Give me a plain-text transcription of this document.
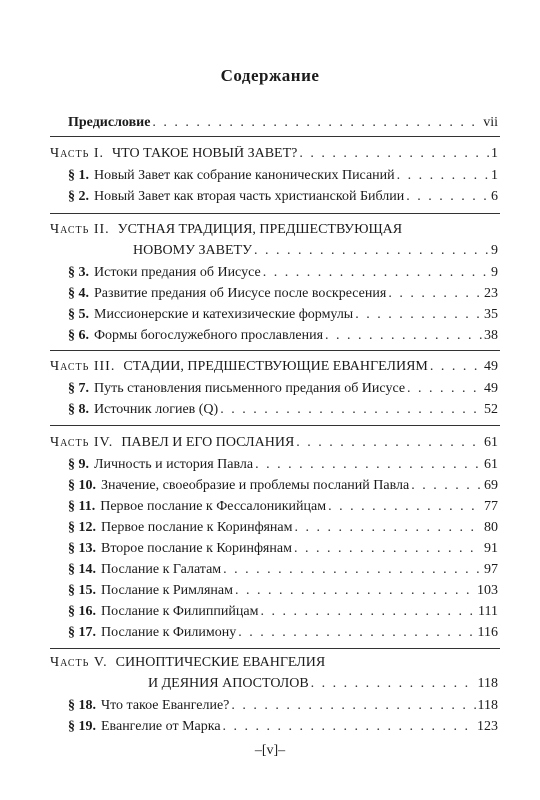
Содержание
Предисловие . . .	vii
Часть I. ЧТО ТАКОЕ НОВЫЙ ЗАВЕТ? . . .	1
§ 1. Новый Завет как собрание канонических Писаний . . .	1
§ 2. Новый Завет как вторая часть христианской Библии . . .	6
Часть II. УСТНАЯ ТРАДИЦИЯ, ПРЕДШЕСТВУЮЩАЯ
НОВОМУ ЗАВЕТУ . . .	9
§ 3. Истоки предания об Иисусе . . .	9
§ 4. Развитие предания об Иисусе после воскресения . . .	23
§ 5. Миссионерские и катехизические формулы . . .	35
§ 6. Формы богослужебного прославления . . .	38
Часть III. СТАДИИ, ПРЕДШЕСТВУЮЩИЕ ЕВАНГЕЛИЯМ . . .	49
§ 7. Путь становления письменного предания об Иисусе . . .	49
§ 8. Источник логиев (Q) . . .	52
Часть IV. ПАВЕЛ И ЕГО ПОСЛАНИЯ . . .	61
§ 9. Личность и история Павла . . .	61
§ 10. Значение, своеобразие и проблемы посланий Павла . . .	69
§ 11. Первое послание к Фессалоникийцам . . .	77
§ 12. Первое послание к Коринфянам . . .	80
§ 13. Второе послание к Коринфянам . . .	91
§ 14. Послание к Галатам . . .	97
§ 15. Послание к Римлянам . . .	103
§ 16. Послание к Филиппийцам . . .	111
§ 17. Послание к Филимону . . .	116
Часть V. СИНОПТИЧЕСКИЕ ЕВАНГЕЛИЯ
И ДЕЯНИЯ АПОСТОЛОВ . . .	118
§ 18. Что такое Евангелие? . . .	118
§ 19. Евангелие от Марка . . .	123
–[v]–
